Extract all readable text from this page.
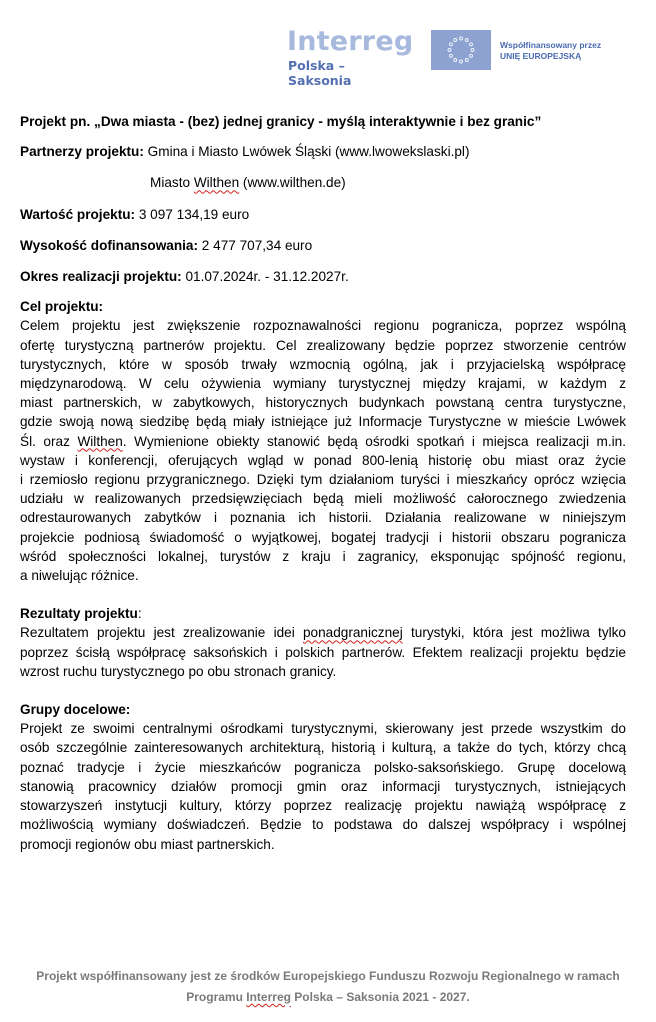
Interreg
Polska – Saksonia
Współfinansowany przez
UNIĘ EUROPEJSKĄ

Projekt pn. „Dwa miasta - (bez) jednej granicy - myślą interaktywnie i bez granic”

Partnerzy projektu: Gmina i Miasto Lwówek Śląski (www.lwowekslaski.pl)

Miasto Wilthen (www.wilthen.de)

Wartość projektu: 3 097 134,19 euro

Wysokość dofinansowania: 2 477 707,34 euro

Okres realizacji projektu: 01.07.2024r. - 31.12.2027r.

Cel projektu:

Celem projektu jest zwiększenie rozpoznawalności regionu pogranicza, poprzez wspólną
ofertę turystyczną partnerów projektu. Cel zrealizowany będzie poprzez stworzenie centrów
turystycznych, które w sposób trwały wzmocnią ogólną, jak i przyjacielską współpracę
międzynarodową. W celu ożywienia wymiany turystycznej między krajami, w każdym z
miast partnerskich, w zabytkowych, historycznych budynkach powstaną centra turystyczne,
gdzie swoją nową siedzibę będą miały istniejące już Informacje Turystyczne w mieście Lwówek
Śl. oraz Wilthen. Wymienione obiekty stanowić będą ośrodki spotkań i miejsca realizacji m.in.
wystaw i konferencji, oferujących wgląd w ponad 800-lenią historię obu miast oraz życie
i rzemiosło regionu przygranicznego. Dzięki tym działaniom turyści i mieszkańcy oprócz wzięcia
udziału w realizowanych przedsięwzięciach będą mieli możliwość całorocznego zwiedzenia
odrestaurowanych zabytków i poznania ich historii. Działania realizowane w niniejszym
projekcie podniosą świadomość o wyjątkowej, bogatej tradycji i historii obszaru pogranicza
wśród społeczności lokalnej, turystów z kraju i zagranicy, eksponując spójność regionu,
a niwelując różnice.

Rezultaty projektu:

Rezultatem projektu jest zrealizowanie idei ponadgranicznej turystyki, która jest możliwa tylko
poprzez ścisłą współpracę saksońskich i polskich partnerów. Efektem realizacji projektu będzie
wzrost ruchu turystycznego po obu stronach granicy.

Grupy docelowe:

Projekt ze swoimi centralnymi ośrodkami turystycznymi, skierowany jest przede wszystkim do
osób szczególnie zainteresowanych architekturą, historią i kulturą, a także do tych, którzy chcą
poznać tradycje i życie mieszkańców pogranicza polsko-saksońskiego. Grupę docelową
stanowią pracownicy działów promocji gmin oraz informacji turystycznych, istniejących
stowarzyszeń instytucji kultury, którzy poprzez realizację projektu nawiążą współpracę z
możliwością wymiany doświadczeń. Będzie to podstawa do dalszej współpracy i wspólnej
promocji regionów obu miast partnerskich.
Projekt współfinansowany jest ze środków Europejskiego Funduszu Rozwoju Regionalnego w ramach
Programu Interreg Polska – Saksonia 2021 - 2027.
